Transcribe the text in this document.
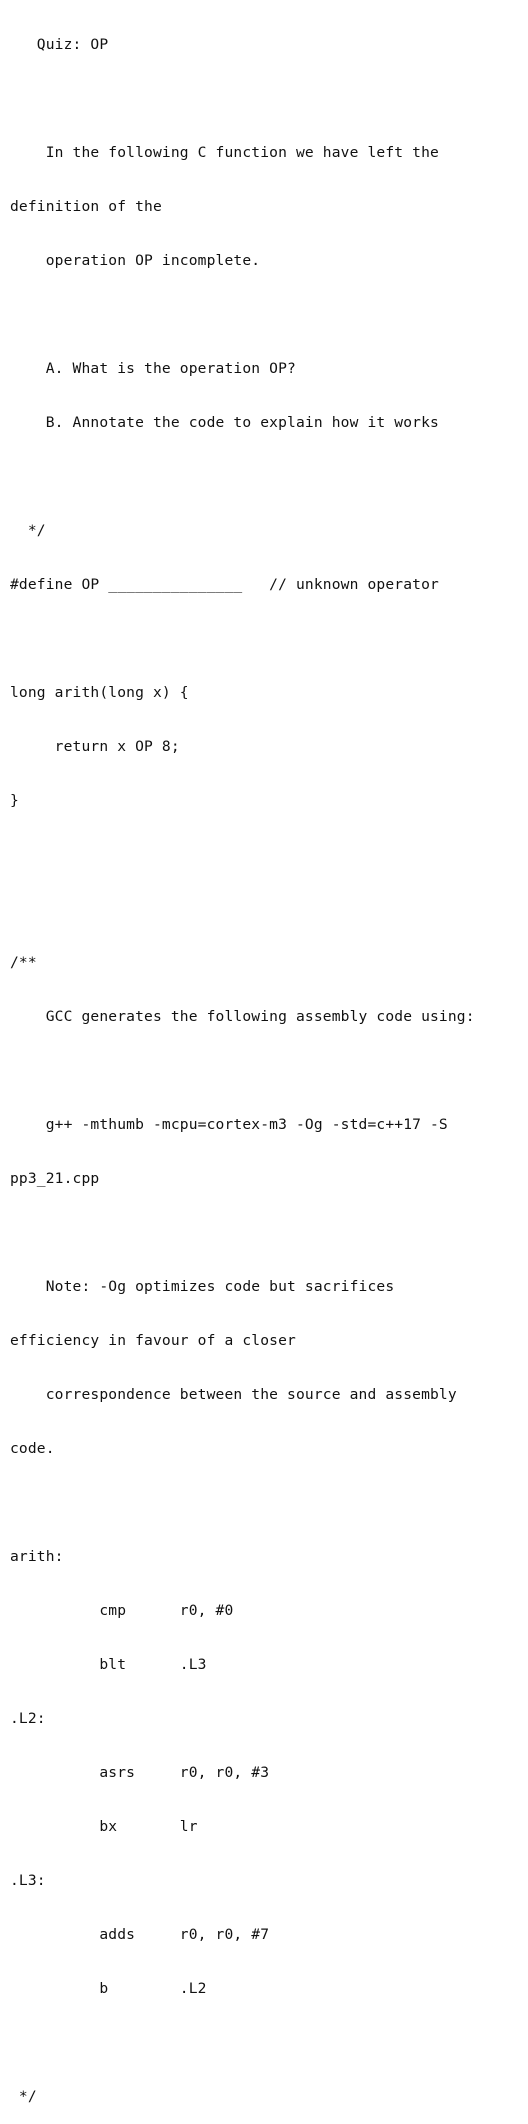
Quiz: OP

In the following C function we have left the

definition of the

operation OP incomplete.

A. What is the operation OP?

B. Annotate the code to explain how it works

*/

#define OP _______________   // unknown operator

long arith(long x) {

return x OP 8;

}

/**

GCC generates the following assembly code using:

g++ -mthumb -mcpu=cortex-m3 -Og -std=c++17 -S

pp3_21.cpp

Note: -Og optimizes code but sacrifices

efficiency in favour of a closer

correspondence between the source and assembly

code.

arith:

cmp      r0, #0

blt      .L3

.L2:

asrs     r0, r0, #3

bx       lr

.L3:

adds     r0, r0, #7

b        .L2

*/
